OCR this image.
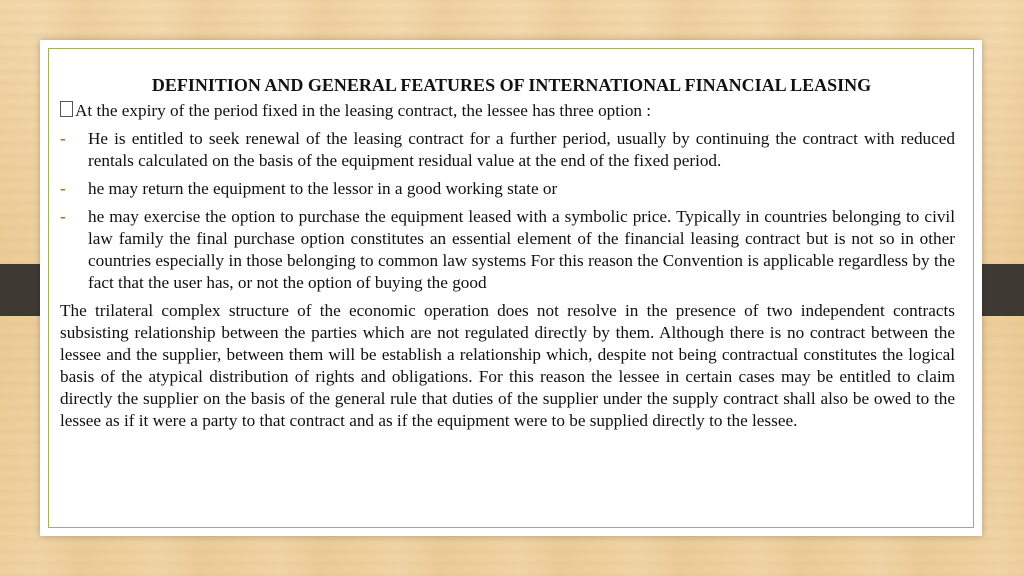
DEFINITION AND GENERAL FEATURES OF INTERNATIONAL FINANCIAL LEASING
At the expiry of the period fixed in the leasing contract, the lessee has three option :
- He is entitled to seek renewal of the leasing contract for a further period, usually by continuing the contract with reduced rentals calculated on the basis of the equipment residual value at the end of the fixed period.
- he may return the equipment to the lessor in a good working state or
- he may exercise the option to purchase the equipment leased with a symbolic price. Typically in countries belonging to civil law family the final purchase option constitutes an essential element of the financial leasing contract but is not so in other countries especially in those belonging to common law systems For this reason the Convention is applicable regardless by the fact that the user has, or not the option of buying the good
The trilateral complex structure of the economic operation does not resolve in the presence of two independent contracts subsisting relationship between the parties which are not regulated directly by them. Although there is no contract between the lessee and the supplier, between them will be establish a relationship which, despite not being contractual constitutes the logical basis of the atypical distribution of rights and obligations. For this reason the lessee in certain cases may be entitled to claim directly the supplier on the basis of the general rule that duties of the supplier under the supply contract shall also be owed to the lessee as if it were a party to that contract and as if the equipment were to be supplied directly to the lessee.
